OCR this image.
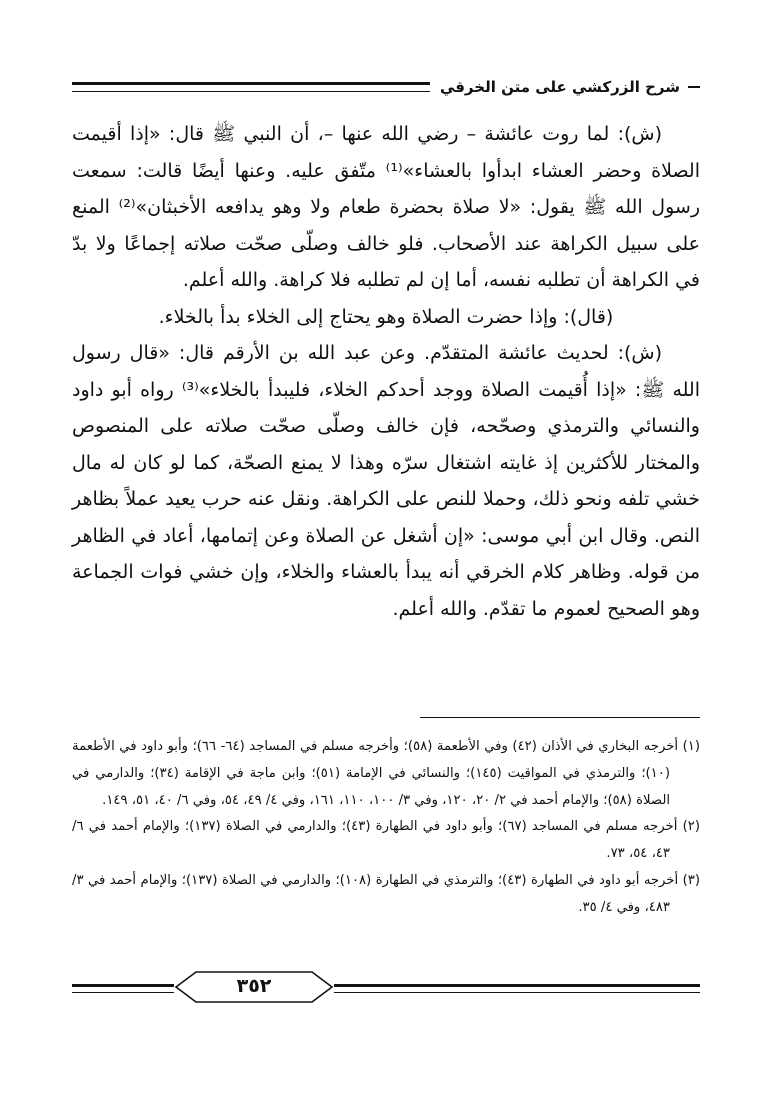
شرح الزركشي على متن الخرقي

(ش): لما روت عائشة – رضي الله عنها –، أن النبي ﷺ قال: «إذا أقيمت الصلاة وحضر العشاء ابدأوا بالعشاء»⁽¹⁾ متّفق عليه. وعنها أيضًا قالت: سمعت رسول الله ﷺ يقول: «لا صلاة بحضرة طعام ولا وهو يدافعه الأخبثان»⁽²⁾ المنع على سبيل الكراهة عند الأصحاب. فلو خالف وصلّى صحّت صلاته إجماعًا ولا بدّ في الكراهة أن تطلبه نفسه، أما إن لم تطلبه فلا كراهة. والله أعلم.

(قال): وإذا حضرت الصلاة وهو يحتاج إلى الخلاء بدأ بالخلاء.

(ش): لحديث عائشة المتقدّم. وعن عبد الله بن الأرقم قال: «قال رسول الله ﷺ: «إذا أُقيمت الصلاة ووجد أحدكم الخلاء، فليبدأ بالخلاء»⁽³⁾ رواه أبو داود والنسائي والترمذي وصحّحه، فإن خالف وصلّى صحّت صلاته على المنصوص والمختار للأكثرين إذ غايته اشتغال سرّه وهذا لا يمنع الصحّة، كما لو كان له مال خشي تلفه ونحو ذلك، وحملا للنص على الكراهة. ونقل عنه حرب يعيد عملاً بظاهر النص. وقال ابن أبي موسى: «إن أشغل عن الصلاة وعن إتمامها، أعاد في الظاهر من قوله. وظاهر كلام الخرقي أنه يبدأ بالعشاء والخلاء، وإن خشي فوات الجماعة وهو الصحيح لعموم ما تقدّم. والله أعلم.

(١) أخرجه البخاري في الأذان (٤٢) وفي الأطعمة (٥٨)؛ وأخرجه مسلم في المساجد (٦٤- ٦٦)؛ وأبو داود في الأطعمة (١٠)؛ والترمذي في المواقيت (١٤٥)؛ والنسائي في الإمامة (٥١)؛ وابن ماجة في الإقامة (٣٤)؛ والدارمي في الصلاة (٥٨)؛ والإمام أحمد في ٢/ ٢٠، ١٢٠، وفي ٣/ ١٠٠، ١١٠، ١٦١، وفي ٤/ ٤٩، ٥٤، وفي ٦/ ٤٠، ٥١، ١٤٩.

(٢) أخرجه مسلم في المساجد (٦٧)؛ وأبو داود في الطهارة (٤٣)؛ والدارمي في الصلاة (١٣٧)؛ والإمام أحمد في ٦/ ٤٣، ٥٤، ٧٣.

(٣) أخرجه أبو داود في الطهارة (٤٣)؛ والترمذي في الطهارة (١٠٨)؛ والدارمي في الصلاة (١٣٧)؛ والإمام أحمد في ٣/ ٤٨٣، وفي ٤/ ٣٥.

٣٥٢
